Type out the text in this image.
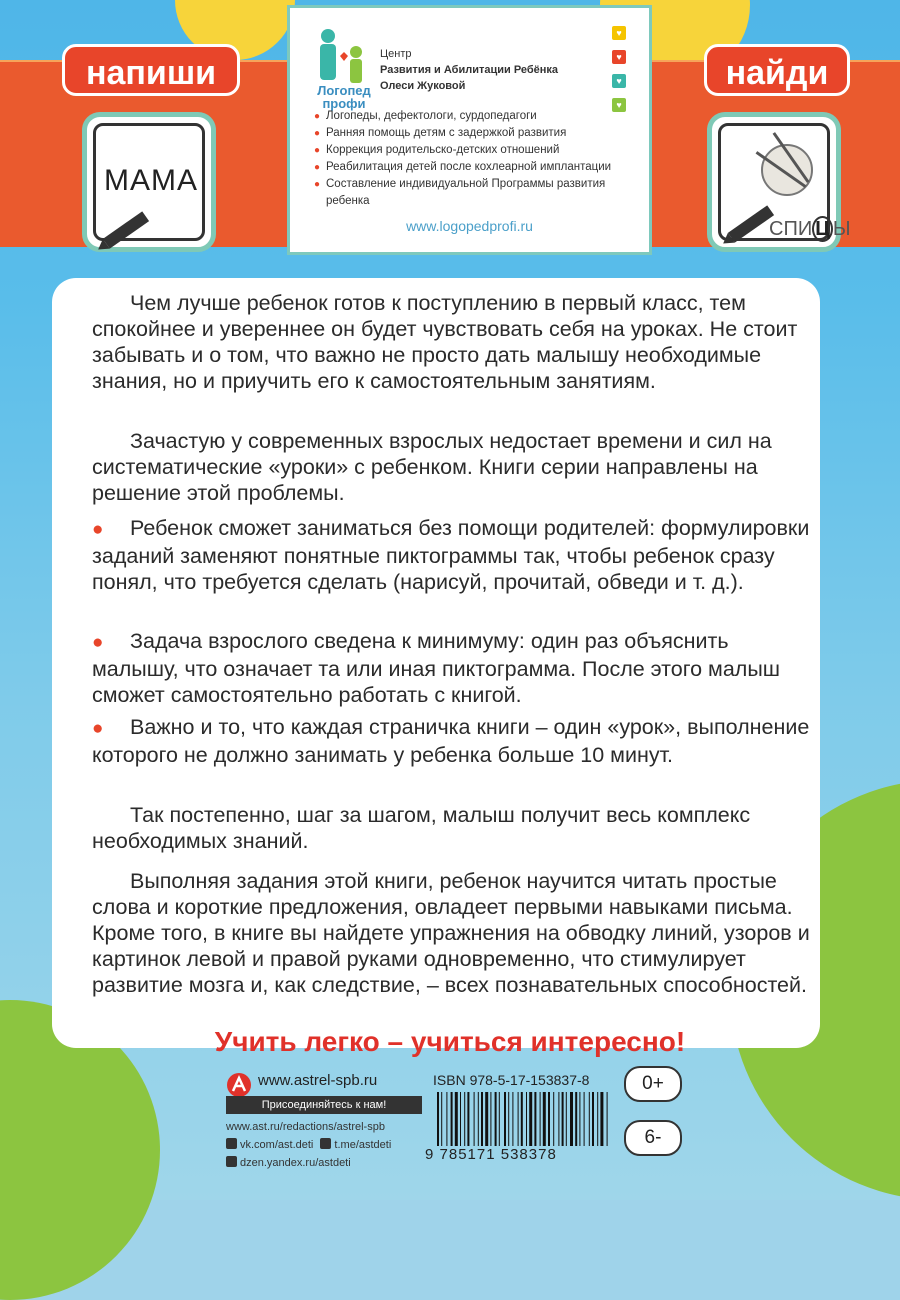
напиши	найди
МАМА
СПИ Ц Ы
Логопед
профи
Центр
Развития и Абилитации Ребёнка
Олеси Жуковой
♥
♥
♥
♥
● Логопеды, дефектологи, сурдопедагоги
● Ранняя помощь детям с задержкой развития
● Коррекция родительско-детских отношений
● Реабилитация детей после кохлеарной имплантации
● Составление индивидуальной Программы развития ребенка
www.logopedprofi.ru
Чем лучше ребенок готов к поступлению в первый класс, тем спокойнее и увереннее он будет чувствовать себя на уроках. Не стоит забывать и о том, что важно не просто дать малышу необходимые знания, но и приучить его к самостоятельным занятиям.
Зачастую у современных взрослых недостает времени и сил на систематические «уроки» с ребенком. Книги серии направлены на решение этой проблемы.
● Ребенок сможет заниматься без помощи родителей: формулировки заданий заменяют понятные пиктограммы так, чтобы ребенок сразу понял, что требуется сделать (нарисуй, прочитай, обведи и т. д.).
● Задача взрослого сведена к минимуму: один раз объяснить малышу, что означает та или иная пиктограмма. После этого малыш сможет самостоятельно работать с книгой.
● Важно и то, что каждая страничка книги – один «урок», выполнение которого не должно занимать у ребенка больше 10 минут.
Так постепенно, шаг за шагом, малыш получит весь комплекс необходимых знаний.
Выполняя задания этой книги, ребенок научится читать простые слова и короткие предложения, овладеет первыми навыками письма. Кроме того, в книге вы найдете упражнения на обводку линий, узоров и картинок левой и правой руками одновременно, что стимулирует развитие мозга и, как следствие, – всех познавательных способностей.
Учить легко – учиться интересно!
www.astrel-spb.ru
Присоединяйтесь к нам!
www.ast.ru/redactions/astrel-spb
vk.com/ast.deti t.me/astdeti
dzen.yandex.ru/astdeti
ISBN 978-5-17-153837-8
9 785171 538378
0+
6-
